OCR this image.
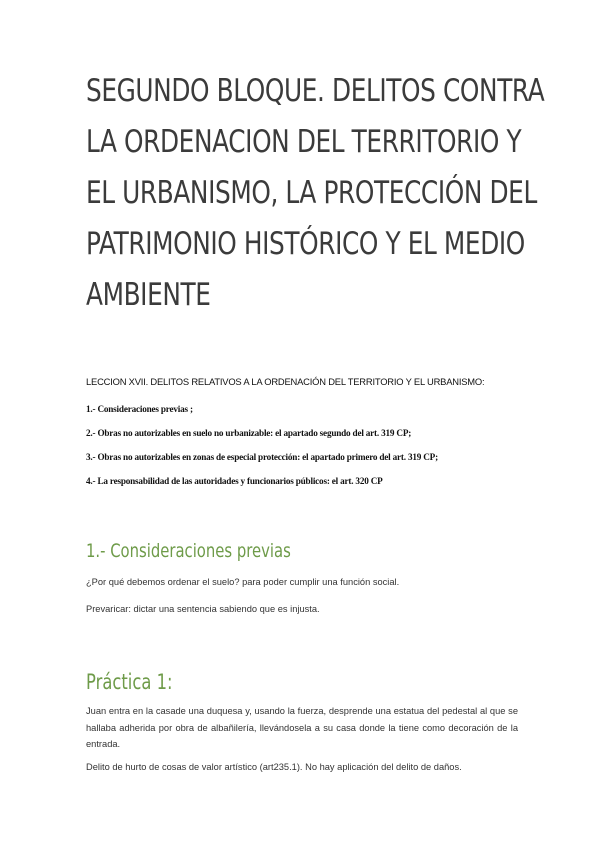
SEGUNDO BLOQUE. DELITOS CONTRA LA ORDENACION DEL TERRITORIO Y EL URBANISMO, LA PROTECCIÓN DEL PATRIMONIO HISTÓRICO Y EL MEDIO AMBIENTE

LECCION XVII. DELITOS RELATIVOS A LA ORDENACIÓN DEL TERRITORIO Y EL URBANISMO:

1.- Consideraciones previas ;
2.- Obras no autorizables en suelo no urbanizable: el apartado segundo del art. 319 CP;
3.- Obras no autorizables en zonas de especial protección: el apartado primero del art. 319 CP;
4.- La responsabilidad de las autoridades y funcionarios públicos: el art. 320 CP
1.- Consideraciones previas

¿Por qué debemos ordenar el suelo? para poder cumplir una función social.

Prevaricar: dictar una sentencia sabiendo que es injusta.

Práctica 1:

Juan entra en la casade una duquesa y, usando la fuerza, desprende una estatua del pedestal al que se hallaba adherida por obra de albañilería, llevándosela a su casa donde la tiene como decoración de la entrada.

Delito de hurto de cosas de valor artístico (art235.1). No hay aplicación del delito de daños.
